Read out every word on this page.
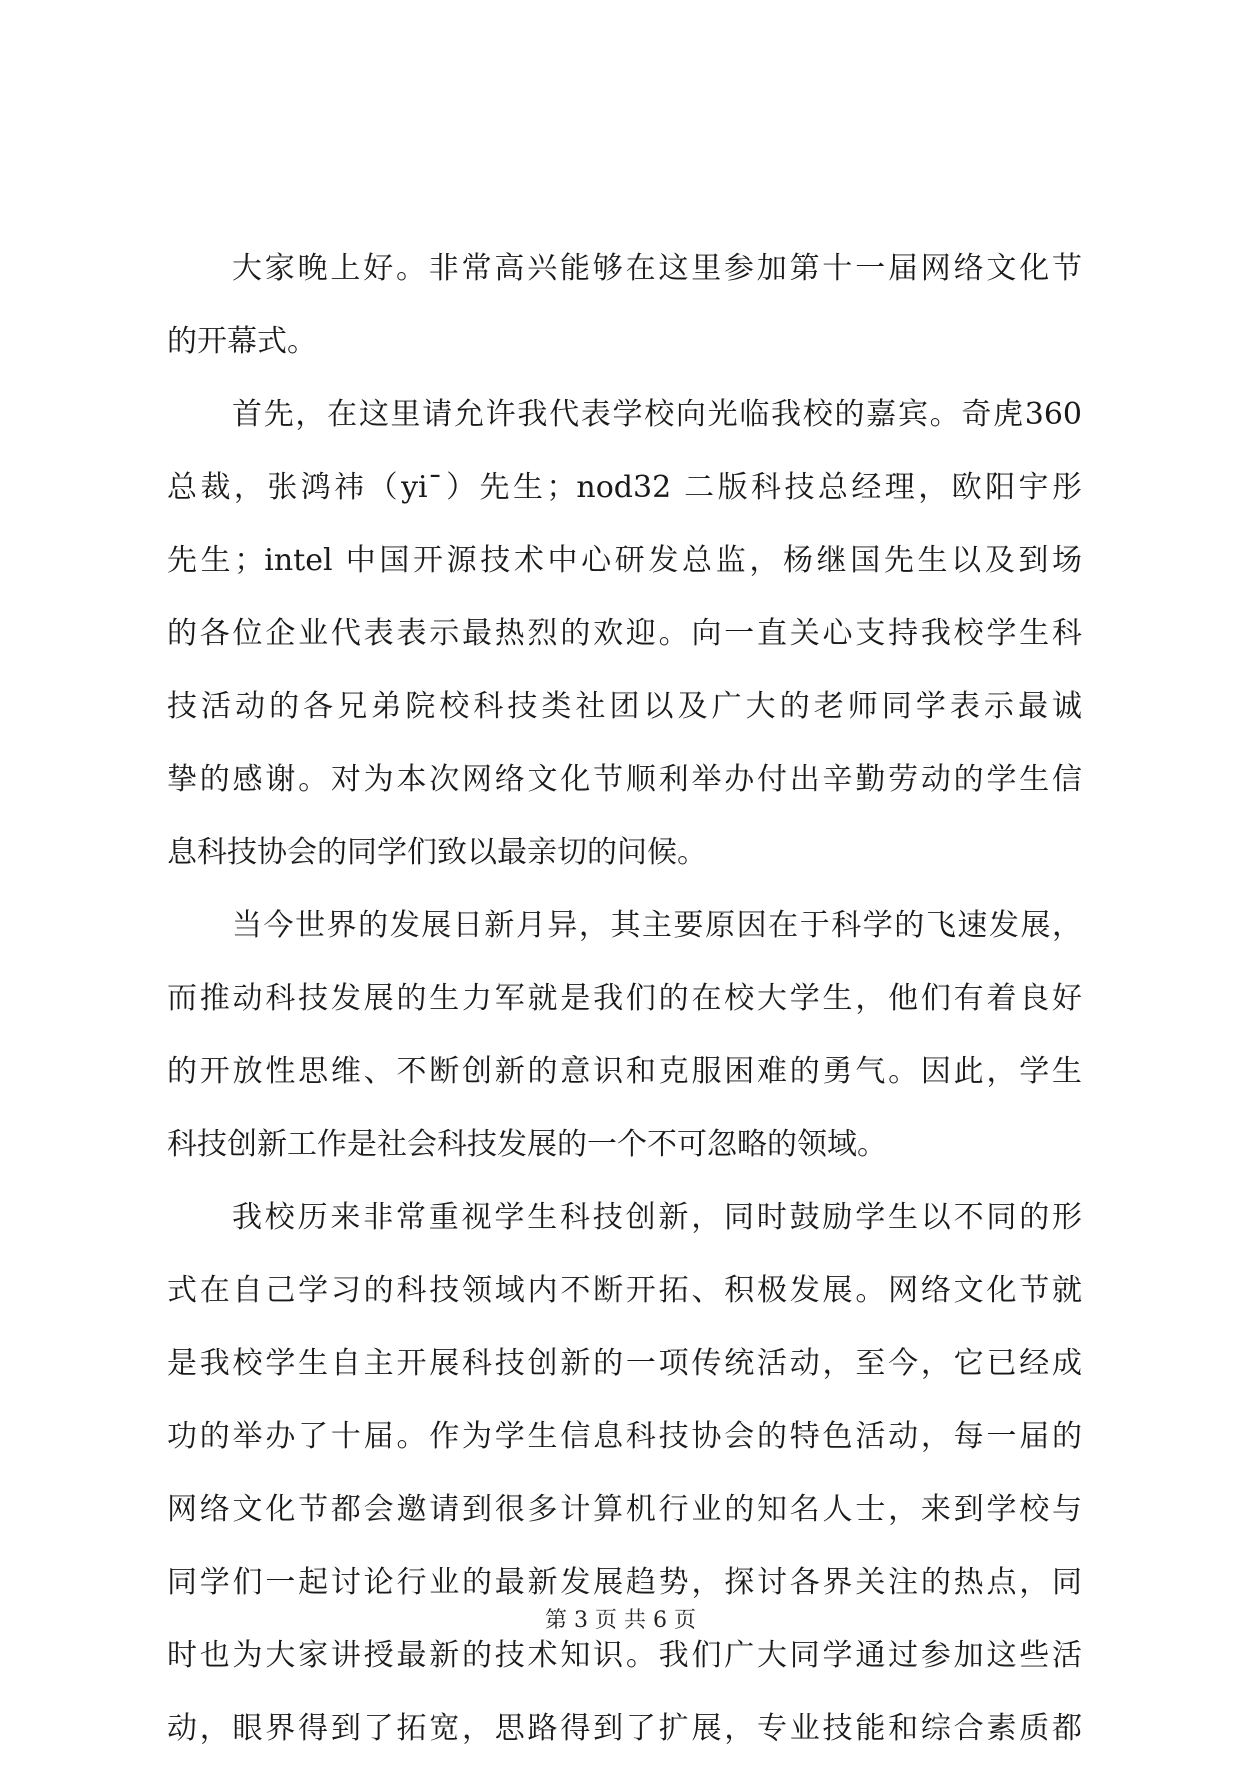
大家晚上好。非常高兴能够在这里参加第十一届网络文化节
的开幕式。
首先，在这里请允许我代表学校向光临我校的嘉宾。奇虎360
总裁，张鸿祎（yi¯）先生；nod32 二版科技总经理，欧阳宇彤
先生；intel 中国开源技术中心研发总监，杨继国先生以及到场
的各位企业代表表示最热烈的欢迎。向一直关心支持我校学生科
技活动的各兄弟院校科技类社团以及广大的老师同学表示最诚
挚的感谢。对为本次网络文化节顺利举办付出辛勤劳动的学生信
息科技协会的同学们致以最亲切的问候。
当今世界的发展日新月异，其主要原因在于科学的飞速发展，
而推动科技发展的生力军就是我们的在校大学生，他们有着良好
的开放性思维、不断创新的意识和克服困难的勇气。因此，学生
科技创新工作是社会科技发展的一个不可忽略的领域。
我校历来非常重视学生科技创新，同时鼓励学生以不同的形
式在自己学习的科技领域内不断开拓、积极发展。网络文化节就
是我校学生自主开展科技创新的一项传统活动，至今，它已经成
功的举办了十届。作为学生信息科技协会的特色活动，每一届的
网络文化节都会邀请到很多计算机行业的知名人士，来到学校与
同学们一起讨论行业的最新发展趋势，探讨各界关注的热点，同
时也为大家讲授最新的技术知识。我们广大同学通过参加这些活
动，眼界得到了拓宽，思路得到了扩展，专业技能和综合素质都
第 3 页 共 6 页
